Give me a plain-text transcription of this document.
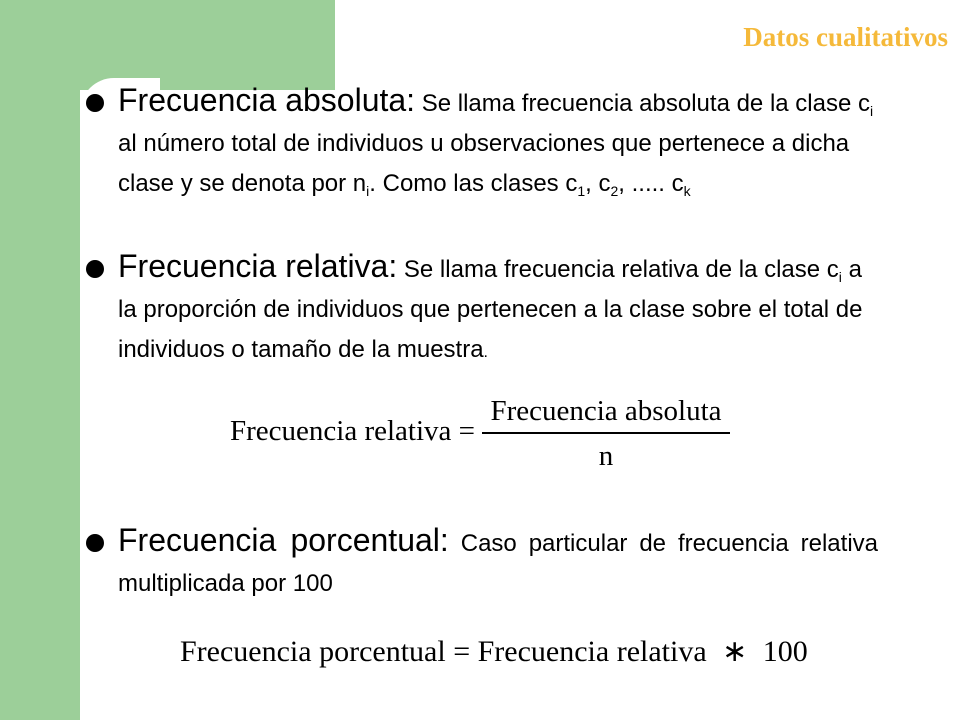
Datos cualitativos
Frecuencia absoluta: Se llama frecuencia absoluta de la clase $c_i$ al número total de individuos u observaciones que pertenece a dicha clase y se denota por $n_i$. Como las clases $c_1$, $c_2$, ..... $c_k$
Frecuencia relativa: Se llama frecuencia relativa de la clase $c_i$ a la proporción de individuos que pertenecen a la clase sobre el total de individuos o tamaño de la muestra.
Frecuencia relativa =
Frecuencia absoluta
n
Frecuencia porcentual: Caso particular de frecuencia relativa multiplicada por 100
Frecuencia porcentual = Frecuencia relativa ∗ 100
